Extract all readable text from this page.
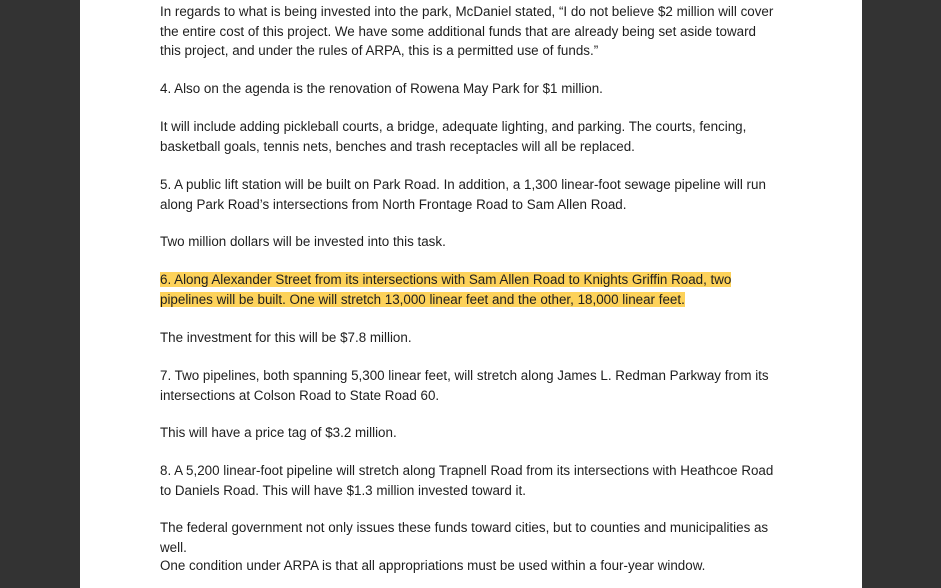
In regards to what is being invested into the park, McDaniel stated, “I do not believe $2 million will cover the entire cost of this project. We have some additional funds that are already being set aside toward this project, and under the rules of ARPA, this is a permitted use of funds.”

4. Also on the agenda is the renovation of Rowena May Park for $1 million.

It will include adding pickleball courts, a bridge, adequate lighting, and parking. The courts, fencing, basketball goals, tennis nets, benches and trash receptacles will all be replaced.

5. A public lift station will be built on Park Road. In addition, a 1,300 linear-foot sewage pipeline will run along Park Road’s intersections from North Frontage Road to Sam Allen Road.

Two million dollars will be invested into this task.

6. Along Alexander Street from its intersections with Sam Allen Road to Knights Griffin Road, two pipelines will be built. One will stretch 13,000 linear feet and the other, 18,000 linear feet.

The investment for this will be $7.8 million.

7. Two pipelines, both spanning 5,300 linear feet, will stretch along James L. Redman Parkway from its intersections at Colson Road to State Road 60.

This will have a price tag of $3.2 million.

8. A 5,200 linear-foot pipeline will stretch along Trapnell Road from its intersections with Heathcoe Road to Daniels Road. This will have $1.3 million invested toward it.

The federal government not only issues these funds toward cities, but to counties and municipalities as well.

One condition under ARPA is that all appropriations must be used within a four-year window.
